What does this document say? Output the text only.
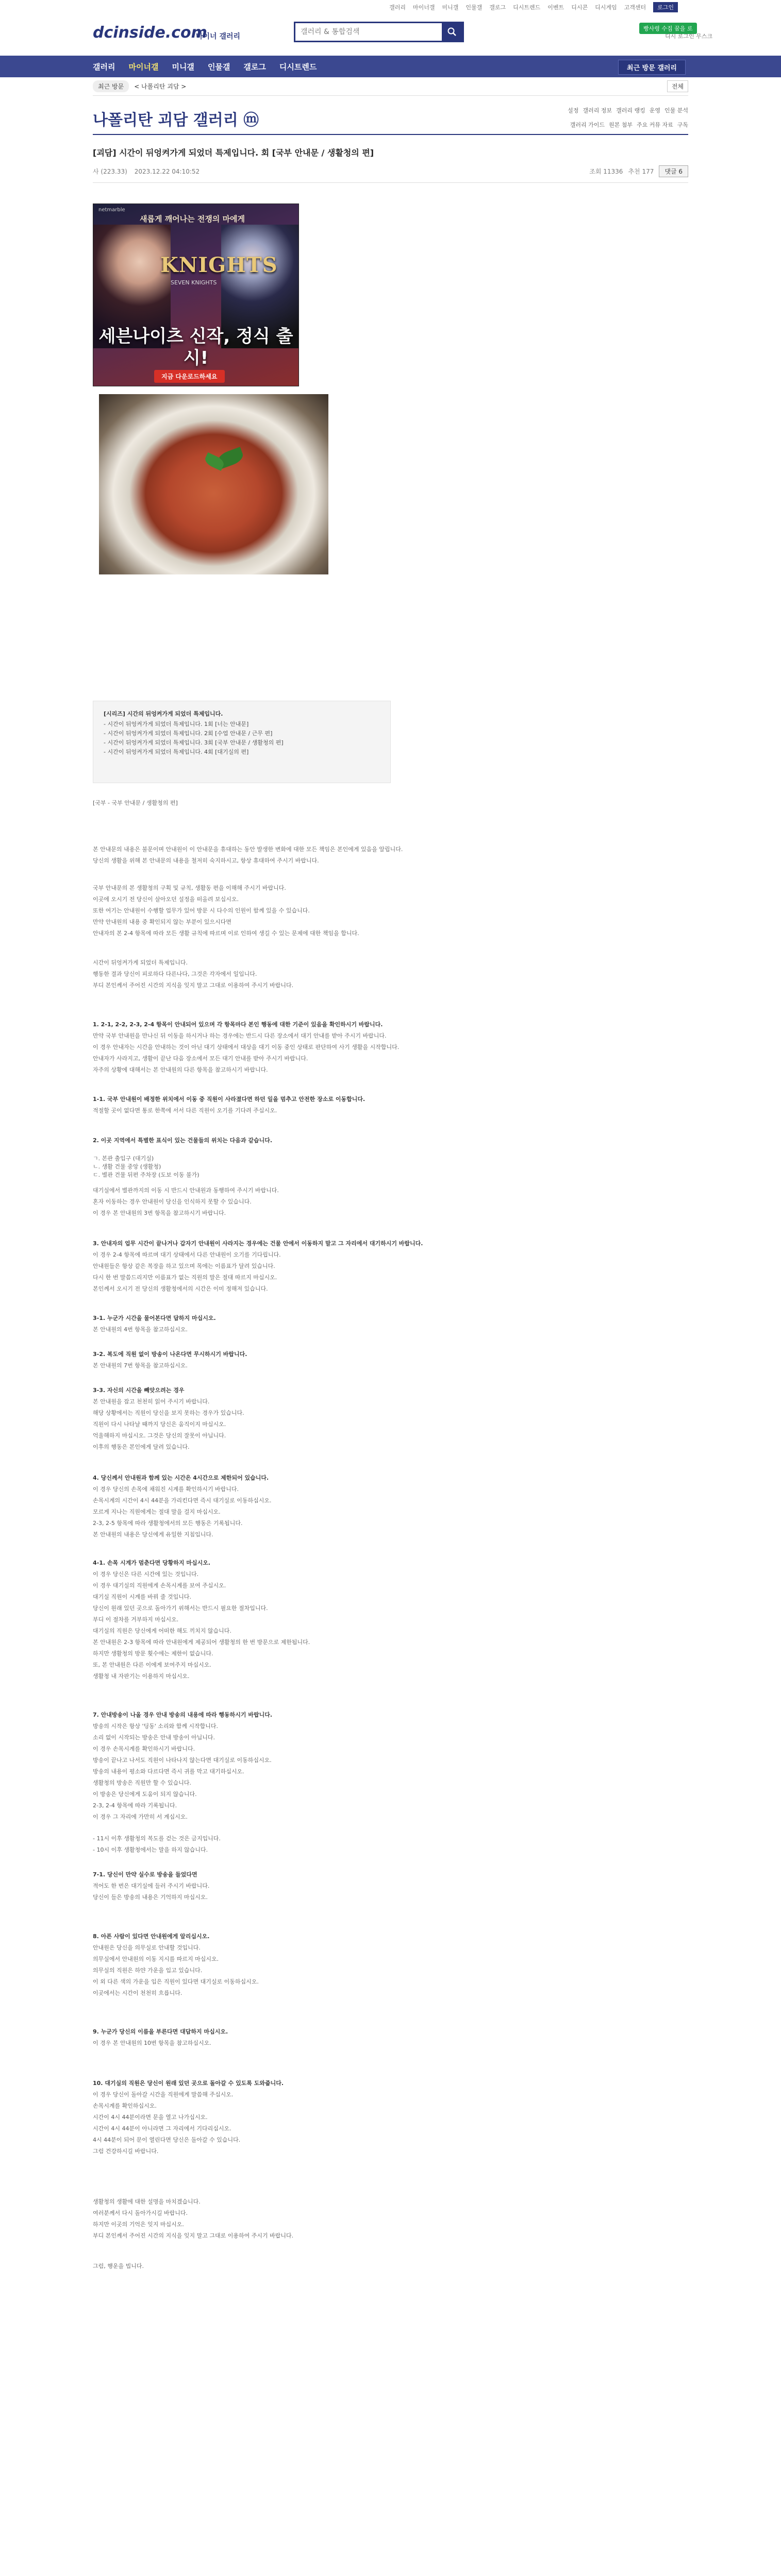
갤러리 마이너갤 미니갤 인물갤 갤로그 디시트렌드 이벤트 디시콘 디시게임 고객센터	로그인
dcinside.com
마이너 갤러리
갤러리 & 통합검색
빵사령 수집 꿈을 로
디시 로그인 무스크
갤러리 마이너갤 미니갤 인물갤 갤로그 디시트렌드	최근 방문 갤러리
최근 방문	< 나폴리탄 괴담 >	전체
나폴리탄 괴담 갤러리 ⓜ
설정 갤러리 정보 갤러리 랭킹 운영 인물 분석
갤러리 가이드 원본 첨부 주요 커뮤 자료 구독
[괴담] 시간이 뒤엉켜가게 되었더 특제입니다. 회 [국부 안내문 / 생활청의 편]
사 (223.33) 2023.12.22 04:10:52	조회 11336 추천 177	댓글 6
netmarble
새롭게 깨어나는 전쟁의 마에게
KNIGHTS
SEVEN KNIGHTS
세븐나이츠 신작, 정식 출시!
지금 다운로드하세요
[시리즈] 시간의 뒤엉켜가게 되었더 특제입니다.
- 시간이 뒤엉켜가게 되었더 특제입니다. 1회 [너는 안내문]
- 시간이 뒤엉켜가게 되었더 특제입니다. 2회 [수업 안내문 / 근무 편]
- 시간이 뒤엉켜가게 되었더 특제입니다. 3회 [국부 안내문 / 생활청의 편]
- 시간이 뒤엉켜가게 되었더 특제입니다. 4회 [대기실의 편]
[국부 - 국부 안내문 / 생활청의 편]
본 안내문의 내용은 불문이며 안내원이 이 안내문을 휴대하는 동안 발생한 변화에 대한 모든 책임은 본인에게 있음을 알립니다.
당신의 생활을 위해 본 안내문의 내용을 철저히 숙지하시고, 항상 휴대하여 주시기 바랍니다.
국부 안내문의 본 생활청의 구획 및 규칙, 생활동 편을 이해해 주시기 바랍니다.
이곳에 오시기 전 당신이 살아오던 설정을 떠올려 보십시오.
또한 여기는 안내원이 수행할 업무가 있어 방문 시 다수의 인원이 함께 있을 수 있습니다.
만약 안내원의 내용 중 확인되지 않는 부분이 있으시다면
안내자의 본 2-4 항목에 따라 모든 생활 규칙에 따르며 이로 인하여 생길 수 있는 문제에 대한 책임을 합니다.
시간이 뒤엉켜가게 되었더 특제입니다.
행동한 결과 당신이 피로하다 다른나다, 그것은 각자에서 일입니다.
부디 본인께서 주어진 시간의 지식을 잊지 말고 그대로 이용하여 주시기 바랍니다.
1. 2-1, 2-2, 2-3, 2-4 항목이 안내되어 있으며 각 항목마다 본인 행동에 대한 기준이 있음을 확인하시기 바랍니다.
만약 국부 안내원을 만나신 뒤 이동을 하시거나 하는 경우에는 반드시 다른 장소에서 대기 안내를 받아 주시기 바랍니다.
이 경우 안내자는 시간을 안내하는 것이 아닌 대기 상태에서 대상을 대기 이동 중인 상태로 판단하여 사기 생활을 시작합니다.
안내자가 사라지고, 생활이 끝난 다음 장소에서 모든 대기 안내를 받아 주시기 바랍니다.
자주의 상황에 대해서는 본 안내원의 다른 항목을 참고하시기 바랍니다.
1-1. 국부 안내원이 배정한 위치에서 이동 중 직원이 사라졌다면 하던 일을 멈추고 안전한 장소로 이동합니다.
적절할 곳이 없다면 통로 한쪽에 서서 다른 직원이 오기를 기다려 주십시오.
2. 이곳 지역에서 특별한 표식이 있는 건물들의 위치는 다음과 같습니다.
ㄱ. 본관 출입구 (대기실)
ㄴ. 생활 건물 중앙 (생활청)
ㄷ. 별관 건물 뒤편 주차장 (도보 이동 불가)
대기실에서 별관까지의 이동 시 반드시 안내원과 동행하여 주시기 바랍니다.
혼자 이동하는 경우 안내원이 당신을 인식하지 못할 수 있습니다.
이 경우 본 안내원의 3번 항목을 참고하시기 바랍니다.
3. 안내자의 업무 시간이 끝나거나 갑자기 안내원이 사라지는 경우에는 건물 안에서 이동하지 말고 그 자리에서 대기하시기 바랍니다.
이 경우 2-4 항목에 따르며 대기 상태에서 다른 안내원이 오기를 기다립니다.
안내원들은 항상 같은 복장을 하고 있으며 목에는 이름표가 달려 있습니다.
다시 한 번 말씀드리지만 이름표가 없는 직원의 말은 절대 따르지 마십시오.
본인께서 오시기 전 당신의 생활청에서의 시간은 이미 정해져 있습니다.
3-1. 누군가 시간을 물어본다면 답하지 마십시오.
본 안내원의 4번 항목을 참고하십시오.
3-2. 복도에 직원 없이 방송이 나온다면 무시하시기 바랍니다.
본 안내원의 7번 항목을 참고하십시오.
3-3. 자신의 시간을 빼앗으려는 경우
본 안내원을 잡고 천천히 읽어 주시기 바랍니다.
해당 상황에서는 직원이 당신을 보지 못하는 경우가 있습니다.
직원이 다시 나타날 때까지 당신은 움직이지 마십시오.
억울해하지 마십시오. 그것은 당신의 잘못이 아닙니다.
이후의 행동은 본인에게 달려 있습니다.
4. 당신께서 안내원과 함께 있는 시간은 4시간으로 제한되어 있습니다.
이 경우 당신의 손목에 채워진 시계를 확인하시기 바랍니다.
손목시계의 시간이 4시 44분을 가리킨다면 즉시 대기실로 이동하십시오.
모르게 지나는 직원에게는 절대 말을 걸지 마십시오.
2-3, 2-5 항목에 따라 생활청에서의 모든 행동은 기록됩니다.
본 안내원의 내용은 당신에게 유일한 지침입니다.
4-1. 손목 시계가 멈춘다면 당황하지 마십시오.
이 경우 당신은 다른 시간에 있는 것입니다.
이 경우 대기실의 직원에게 손목시계를 보여 주십시오.
대기실 직원이 시계를 바꿔 줄 것입니다.
당신이 원래 있던 곳으로 돌아가기 위해서는 반드시 필요한 절차입니다.
부디 이 절차를 거부하지 마십시오.
대기실의 직원은 당신에게 어떠한 해도 끼치지 않습니다.
본 안내원은 2-3 항목에 따라 안내원에게 제공되어 생활청의 한 번 방문으로 제한됩니다.
하지만 생활청의 방문 횟수에는 제한이 없습니다.
또, 본 안내원은 다른 이에게 보여주지 마십시오.
생활청 내 자판기는 이용하지 마십시오.
7. 안내방송이 나올 경우 안내 방송의 내용에 따라 행동하시기 바랍니다.
방송의 시작은 항상 '딩동' 소리와 함께 시작합니다.
소리 없이 시작되는 방송은 안내 방송이 아닙니다.
이 경우 손목시계를 확인하시기 바랍니다.
방송이 끝나고 나서도 직원이 나타나지 않는다면 대기실로 이동하십시오.
방송의 내용이 평소와 다르다면 즉시 귀를 막고 대기하십시오.
생활청의 방송은 직원만 할 수 있습니다.
이 방송은 당신에게 도움이 되지 않습니다.
2-3, 2-4 항목에 따라 기록됩니다.
이 경우 그 자리에 가만히 서 계십시오.
- 11시 이후 생활청의 복도를 걷는 것은 금지입니다.
- 10시 이후 생활청에서는 말을 하지 않습니다.
7-1. 당신이 만약 실수로 방송을 들었다면
적어도 한 번은 대기실에 들러 주시기 바랍니다.
당신이 들은 방송의 내용은 기억하지 마십시오.
8. 아픈 사람이 있다면 안내원에게 알리십시오.
안내원은 당신을 의무실로 안내할 것입니다.
의무실에서 안내원의 이동 지시를 따르지 마십시오.
의무실의 직원은 하얀 가운을 입고 있습니다.
이 외 다른 색의 가운을 입은 직원이 있다면 대기실로 이동하십시오.
이곳에서는 시간이 천천히 흐릅니다.
9. 누군가 당신의 이름을 부른다면 대답하지 마십시오.
이 경우 본 안내원의 10번 항목을 참고하십시오.
10. 대기실의 직원은 당신이 원래 있던 곳으로 돌아갈 수 있도록 도와줍니다.
이 경우 당신이 돌아갈 시간을 직원에게 말씀해 주십시오.
손목시계를 확인하십시오.
시간이 4시 44분이라면 문을 열고 나가십시오.
시간이 4시 44분이 아니라면 그 자리에서 기다리십시오.
4시 44분이 되어 문이 열린다면 당신은 돌아갈 수 있습니다.
그럼 건강하시길 바랍니다.
생활청의 생활에 대한 설명을 마치겠습니다.
여러분께서 다시 돌아가시길 바랍니다.
하지만 이곳의 기억은 잊지 마십시오.
부디 본인께서 주어진 시간의 지식을 잊지 말고 그대로 이용하여 주시기 바랍니다.
그럼, 행운을 빕니다.
